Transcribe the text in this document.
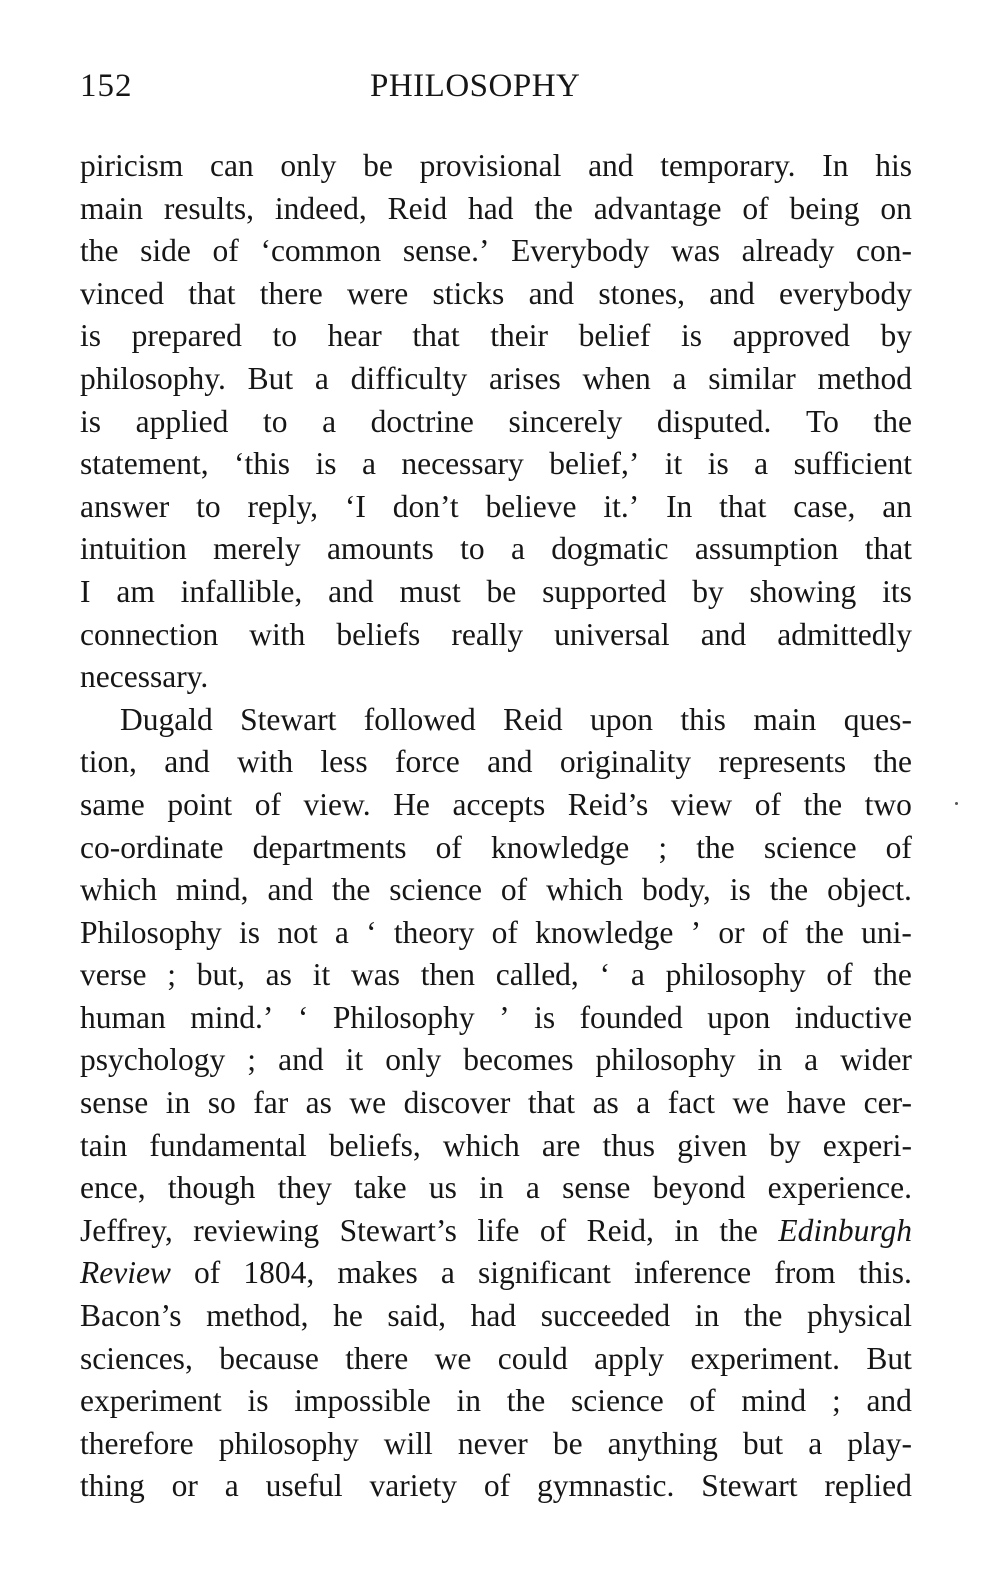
152	PHILOSOPHY
piricism can only be provisional and temporary. In his
main results, indeed, Reid had the advantage of being on
the side of ‘common sense.’ Everybody was already con-
vinced that there were sticks and stones, and everybody
is prepared to hear that their belief is approved by
philosophy. But a difficulty arises when a similar method
is applied to a doctrine sincerely disputed. To the
statement, ‘this is a necessary belief,’ it is a sufficient
answer to reply, ‘I don’t believe it.’ In that case, an
intuition merely amounts to a dogmatic assumption that
I am infallible, and must be supported by showing its
connection with beliefs really universal and admittedly
necessary.
Dugald Stewart followed Reid upon this main ques-
tion, and with less force and originality represents the
same point of view. He accepts Reid’s view of the two
co-ordinate departments of knowledge ; the science of
which mind, and the science of which body, is the object.
Philosophy is not a ‘ theory of knowledge ’ or of the uni-
verse ; but, as it was then called, ‘ a philosophy of the
human mind.’ ‘ Philosophy ’ is founded upon inductive
psychology ; and it only becomes philosophy in a wider
sense in so far as we discover that as a fact we have cer-
tain fundamental beliefs, which are thus given by experi-
ence, though they take us in a sense beyond experience.
Jeffrey, reviewing Stewart’s life of Reid, in the Edinburgh
Review of 1804, makes a significant inference from this.
Bacon’s method, he said, had succeeded in the physical
sciences, because there we could apply experiment. But
experiment is impossible in the science of mind ; and
therefore philosophy will never be anything but a play-
thing or a useful variety of gymnastic. Stewart replied
